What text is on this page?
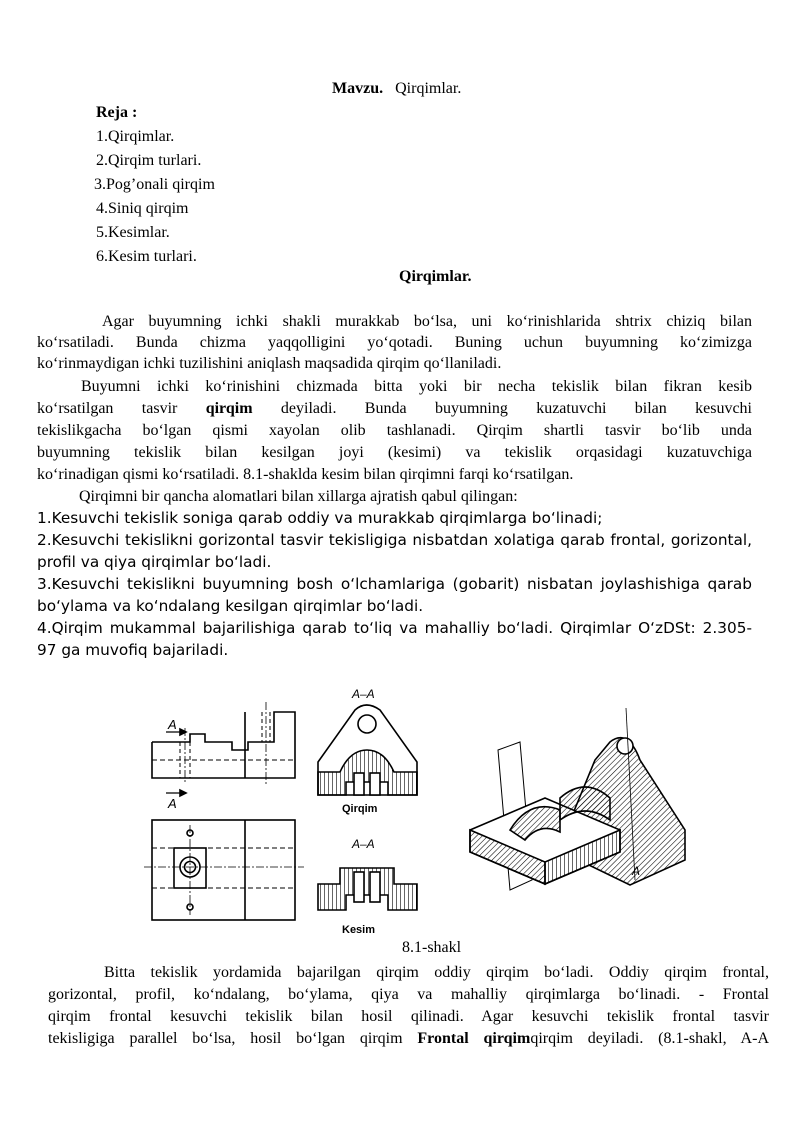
Mavzu. Qirqimlar.
Reja :
1.Qirqimlar.
2.Qirqim turlari.
3.Pog’onali qirqim
4.Siniq qirqim
5.Kesimlar.
6.Kesim turlari.
Qirqimlar.
Agar buyumning ichki shakli murakkab bo‘lsa, uni ko‘rinishlarida shtrix chiziq bilan
ko‘rsatiladi. Bunda chizma yaqqolligini yo‘qotadi. Buning uchun buyumning ko‘zimizga
ko‘rinmaydigan ichki tuzilishini aniqlash maqsadida qirqim qo‘llaniladi.
Buyumni ichki ko‘rinishini chizmada bitta yoki bir necha tekislik bilan fikran kesib
ko‘rsatilgan tasvir qirqim deyiladi. Bunda buyumning kuzatuvchi bilan kesuvchi
tekislikgacha bo‘lgan qismi xayolan olib tashlanadi. Qirqim shartli tasvir bo‘lib unda
buyumning tekislik bilan kesilgan joyi (kesimi) va tekislik orqasidagi kuzatuvchiga
ko‘rinadigan qismi ko‘rsatiladi. 8.1-shaklda kesim bilan qirqimni farqi ko‘rsatilgan.
Qirqimni bir qancha alomatlari bilan xillarga ajratish qabul qilingan:
1.Kesuvchi tekislik soniga qarab oddiy va murakkab qirqimlarga bo‘linadi;
2.Kesuvchi tekislikni gorizontal tasvir tekisligiga nisbatdan xolatiga qarab frontal, gorizontal,
profil va qiya qirqimlar bo‘ladi.
3.Kesuvchi tekislikni buyumning bosh o‘lchamlariga (gobarit) nisbatan joylashishiga qarab
bo‘ylama va ko‘ndalang kesilgan qirqimlar bo‘ladi.
4.Qirqim mukammal bajarilishiga qarab to‘liq va mahalliy bo‘ladi. Qirqimlar O‘zDSt: 2.305-
97 ga muvofiq bajariladi.
A
A
A–A
Qirqim
A–A
Kesim
A
8.1-shakl
Bitta tekislik yordamida bajarilgan qirqim oddiy qirqim bo‘ladi. Oddiy qirqim frontal,
gorizontal, profil, ko‘ndalang, bo‘ylama, qiya va mahalliy qirqimlarga bo‘linadi. - Frontal
qirqim frontal kesuvchi tekislik bilan hosil qilinadi. Agar kesuvchi tekislik frontal tasvir
tekisligiga parallel bo‘lsa, hosil bo‘lgan qirqim Frontal qirqimqirqim deyiladi. (8.1-shakl, A-A
